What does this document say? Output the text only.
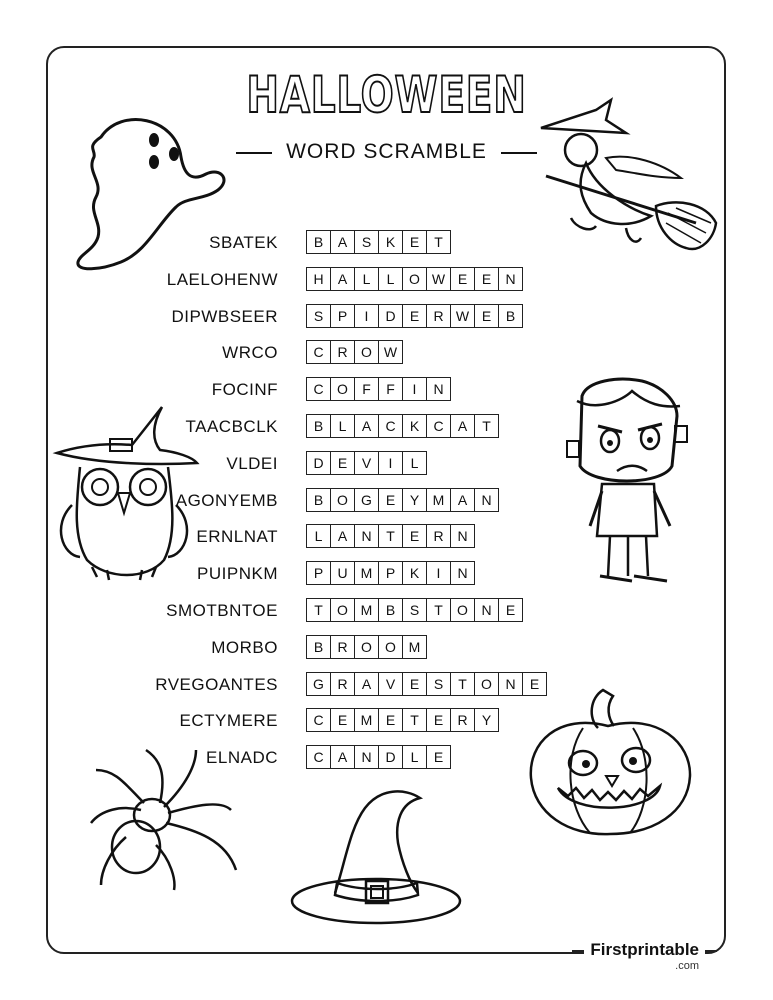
HALLOWEEN
WORD SCRAMBLE
SBATEK	B	A	S	K	E	T
LAELOHENW	H	A	L	L	O W E	E	N
DIPWBSEER	S	P	I	D	E	R W E	B
WRCO	C R O W
FOCINF	C O	F	F	I	N
TAACBCLK	B	L	A	C	K	C	A	T
VLDEI	D	E	V	I	L
AGONYEMB	B O G E	Y M A	N
ERNLNAT	L	A	N	T	E	R N
PUIPNKM	P	U M P	K	I	N
SMOTBNTOE	T	O M B	S	T	O N	E
MORBO	B	R O O M
RVEGOANTES	G R	A	V	E	S	T	O N	E
ECTYMERE	C	E M E	T	E	R	Y
ELNADC	C	A	N D	L	E
Firstprintable
.com
